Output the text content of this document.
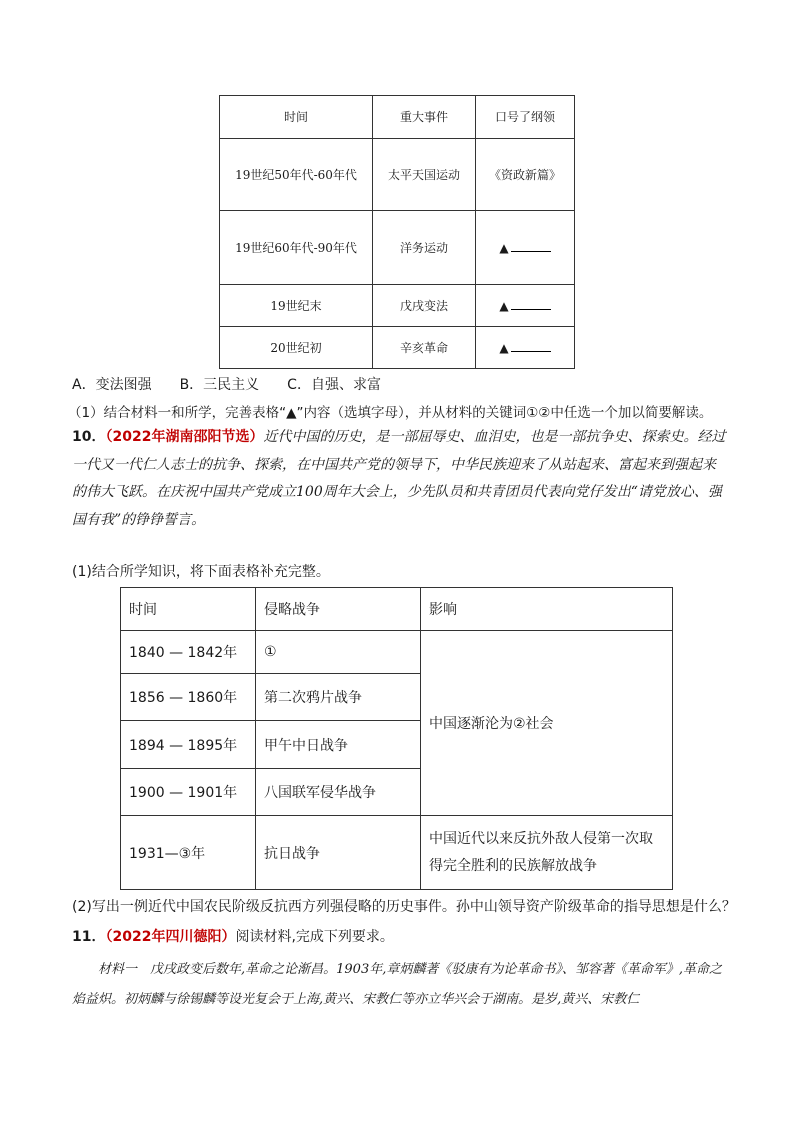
时间	重大事件	口号了纲领
19世纪50年代-60年代	太平天国运动	《资政新篇》
19世纪60年代-90年代	洋务运动	▲
19世纪末	戊戌变法	▲
20世纪初	辛亥革命	▲
A．变法图强　　B．三民主义　　C．自强、求富
（1）结合材料一和所学，完善表格“▲”内容（选填字母），并从材料的关键词①②中任选一个加以简要解读。
10．（2022年湖南邵阳节选）近代中国的历史，是一部屈辱史、血泪史，也是一部抗争史、探索史。经过一代又一代仁人志士的抗争、探索，在中国共产党的领导下，中华民族迎来了从站起来、富起来到强起来的伟大飞跃。在庆祝中国共产党成立100周年大会上，少先队员和共青团员代表向党仔发出“请党放心、强国有我”的铮铮誓言。
(1)结合所学知识，将下面表格补充完整。
时间	侵略战争	影响
1840 — 1842年	①	中国逐渐沦为②社会
1856 — 1860年	第二次鸦片战争	
1894 — 1895年	甲午中日战争	
1900 — 1901年	八国联军侵华战争	
1931—③年	抗日战争	中国近代以来反抗外敌人侵第一次取得完全胜利的民族解放战争
(2)写出一例近代中国农民阶级反抗西方列强侵略的历史事件。孙中山领导资产阶级革命的指导思想是什么？
11．（2022年四川德阳）阅读材料,完成下列要求。
材料一　戊戌政变后数年,革命之论渐昌。1903年,章炳麟著《驳康有为论革命书》、邹容著《革命军》,革命之焰益炽。初炳麟与徐锡麟等设光复会于上海,黄兴、宋教仁等亦立华兴会于湖南。是岁,黄兴、宋教仁
